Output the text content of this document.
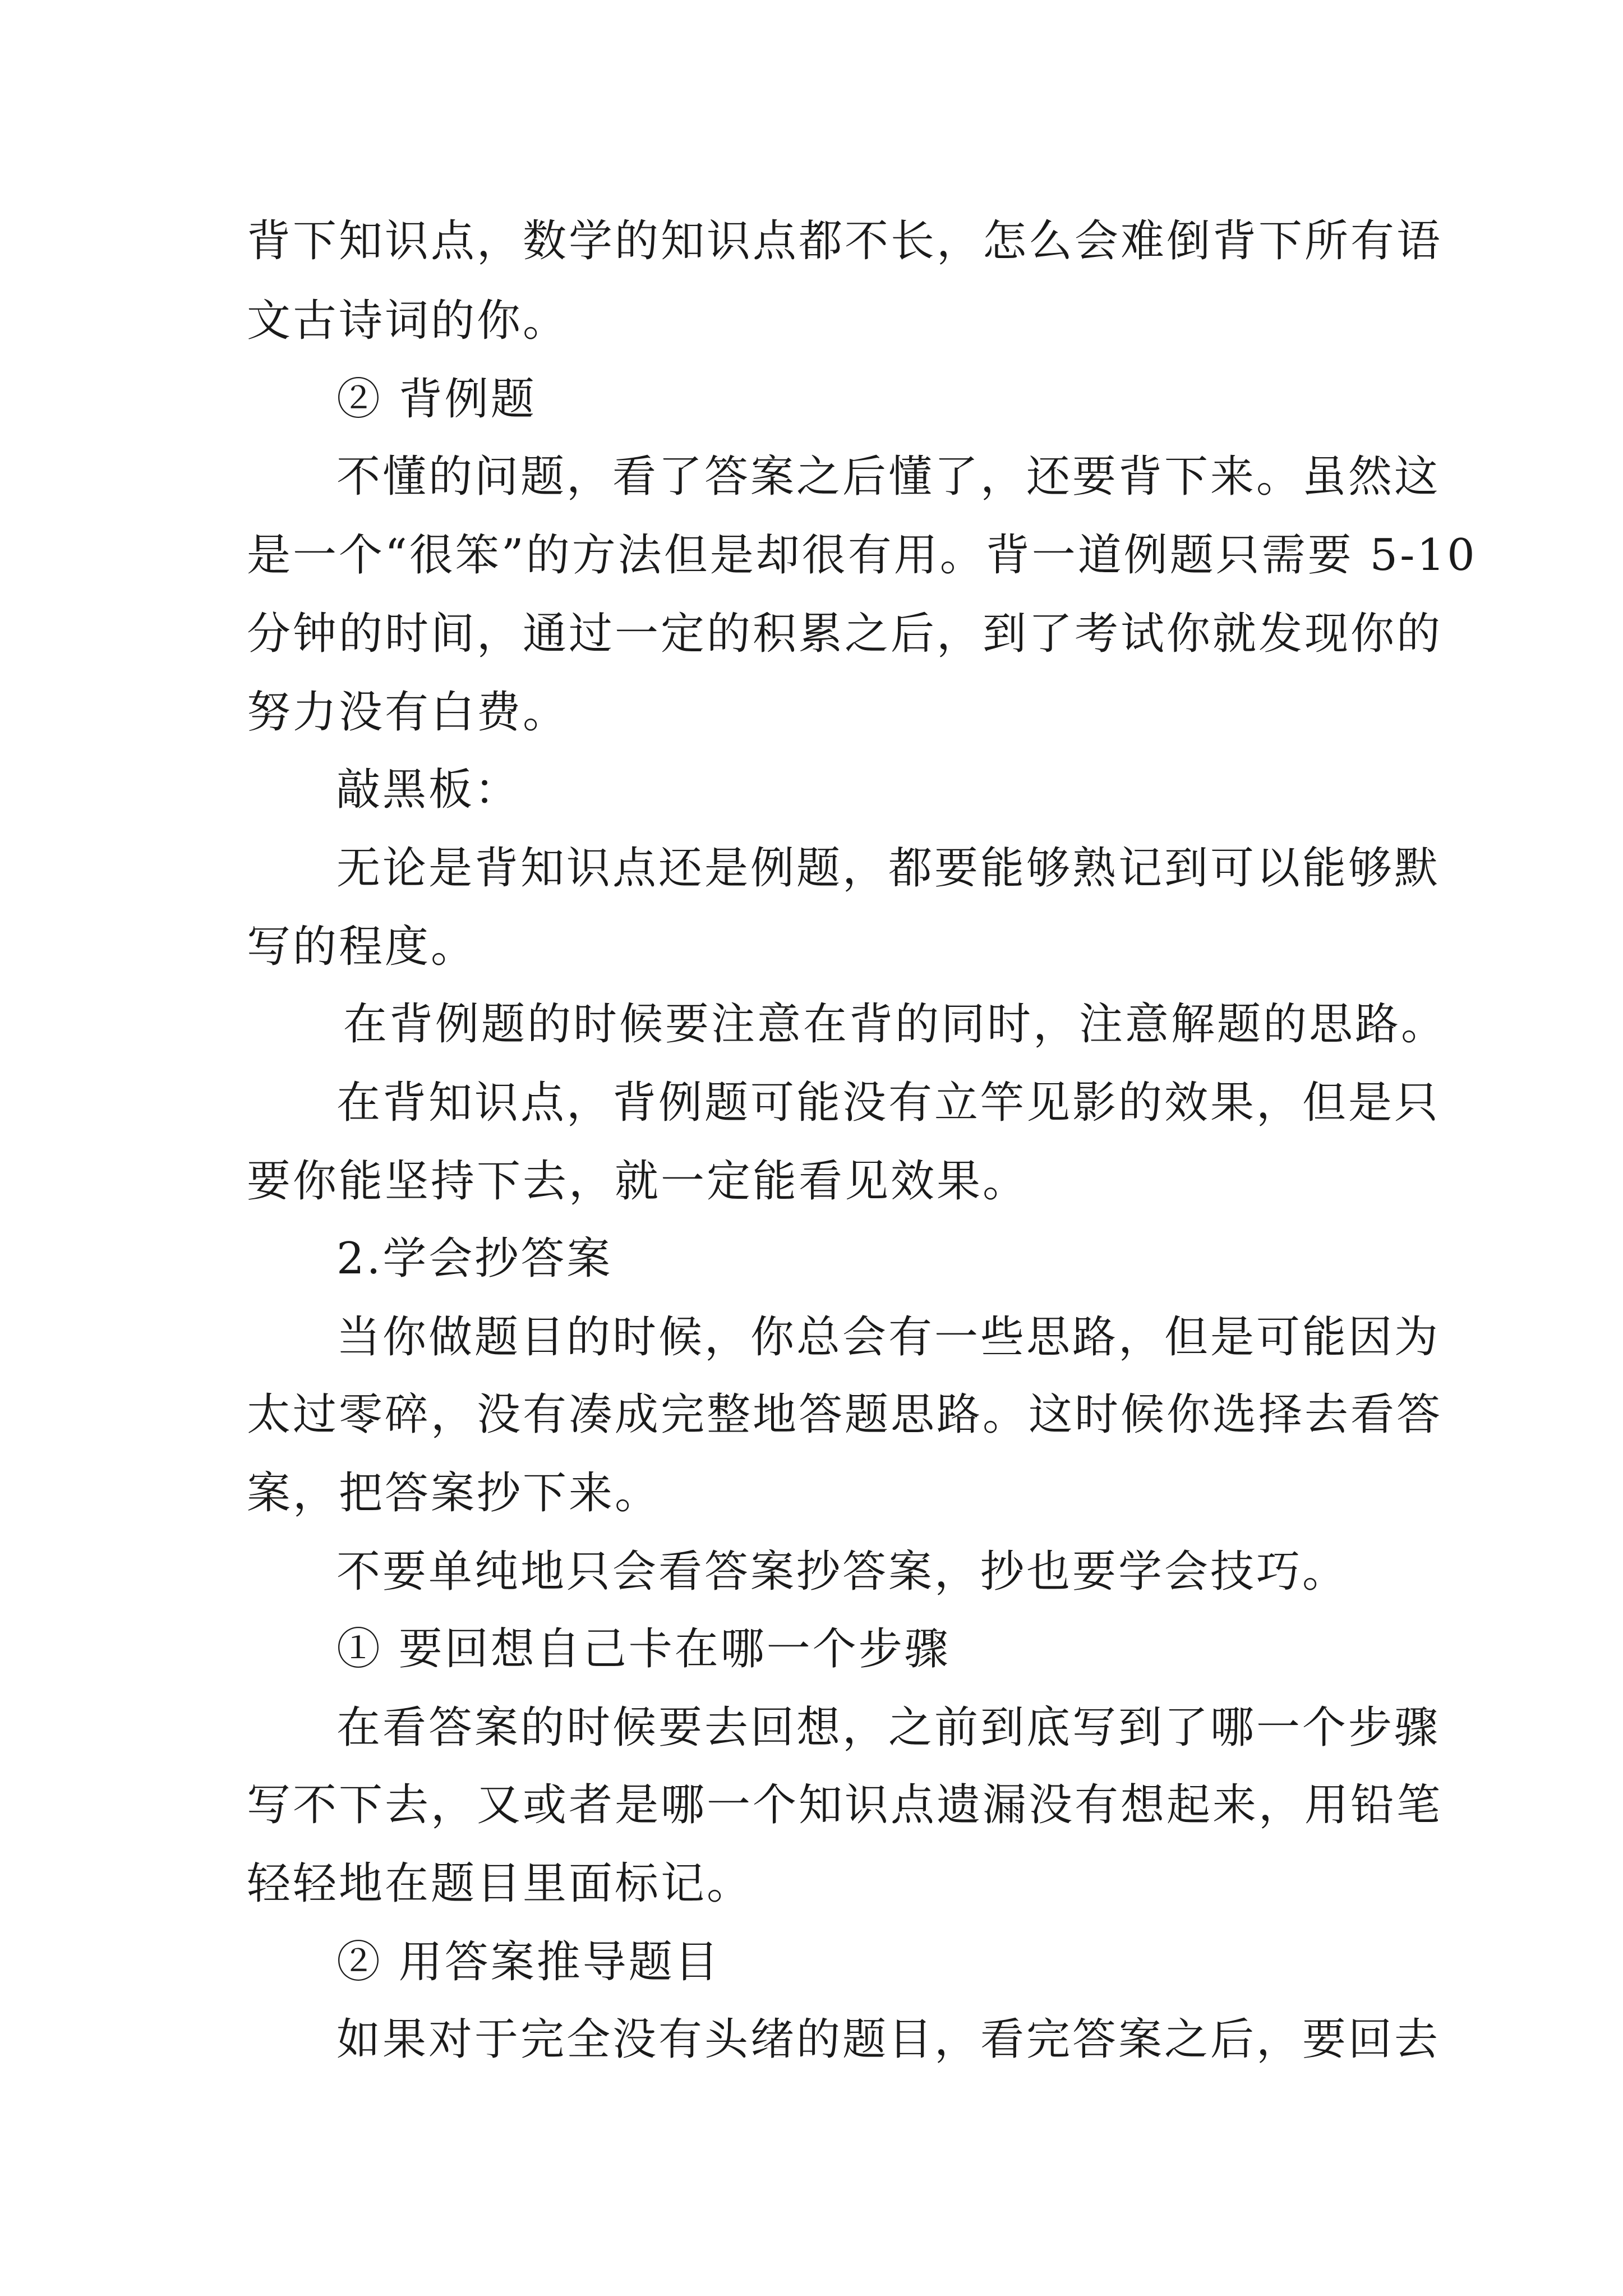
背下知识点，数学的知识点都不长，怎么会难倒背下所有语
文古诗词的你。
② 背例题
不懂的问题，看了答案之后懂了，还要背下来。虽然这
是一个“很笨”的方法但是却很有用。背一道例题只需要 5-10
分钟的时间，通过一定的积累之后，到了考试你就发现你的
努力没有白费。
敲黑板：
无论是背知识点还是例题，都要能够熟记到可以能够默
写的程度。
在背例题的时候要注意在背的同时，注意解题的思路。
在背知识点，背例题可能没有立竿见影的效果，但是只
要你能坚持下去，就一定能看见效果。
2.学会抄答案
当你做题目的时候，你总会有一些思路，但是可能因为
太过零碎，没有凑成完整地答题思路。这时候你选择去看答
案，把答案抄下来。
不要单纯地只会看答案抄答案，抄也要学会技巧。
① 要回想自己卡在哪一个步骤
在看答案的时候要去回想，之前到底写到了哪一个步骤
写不下去，又或者是哪一个知识点遗漏没有想起来，用铅笔
轻轻地在题目里面标记。
② 用答案推导题目
如果对于完全没有头绪的题目，看完答案之后，要回去
